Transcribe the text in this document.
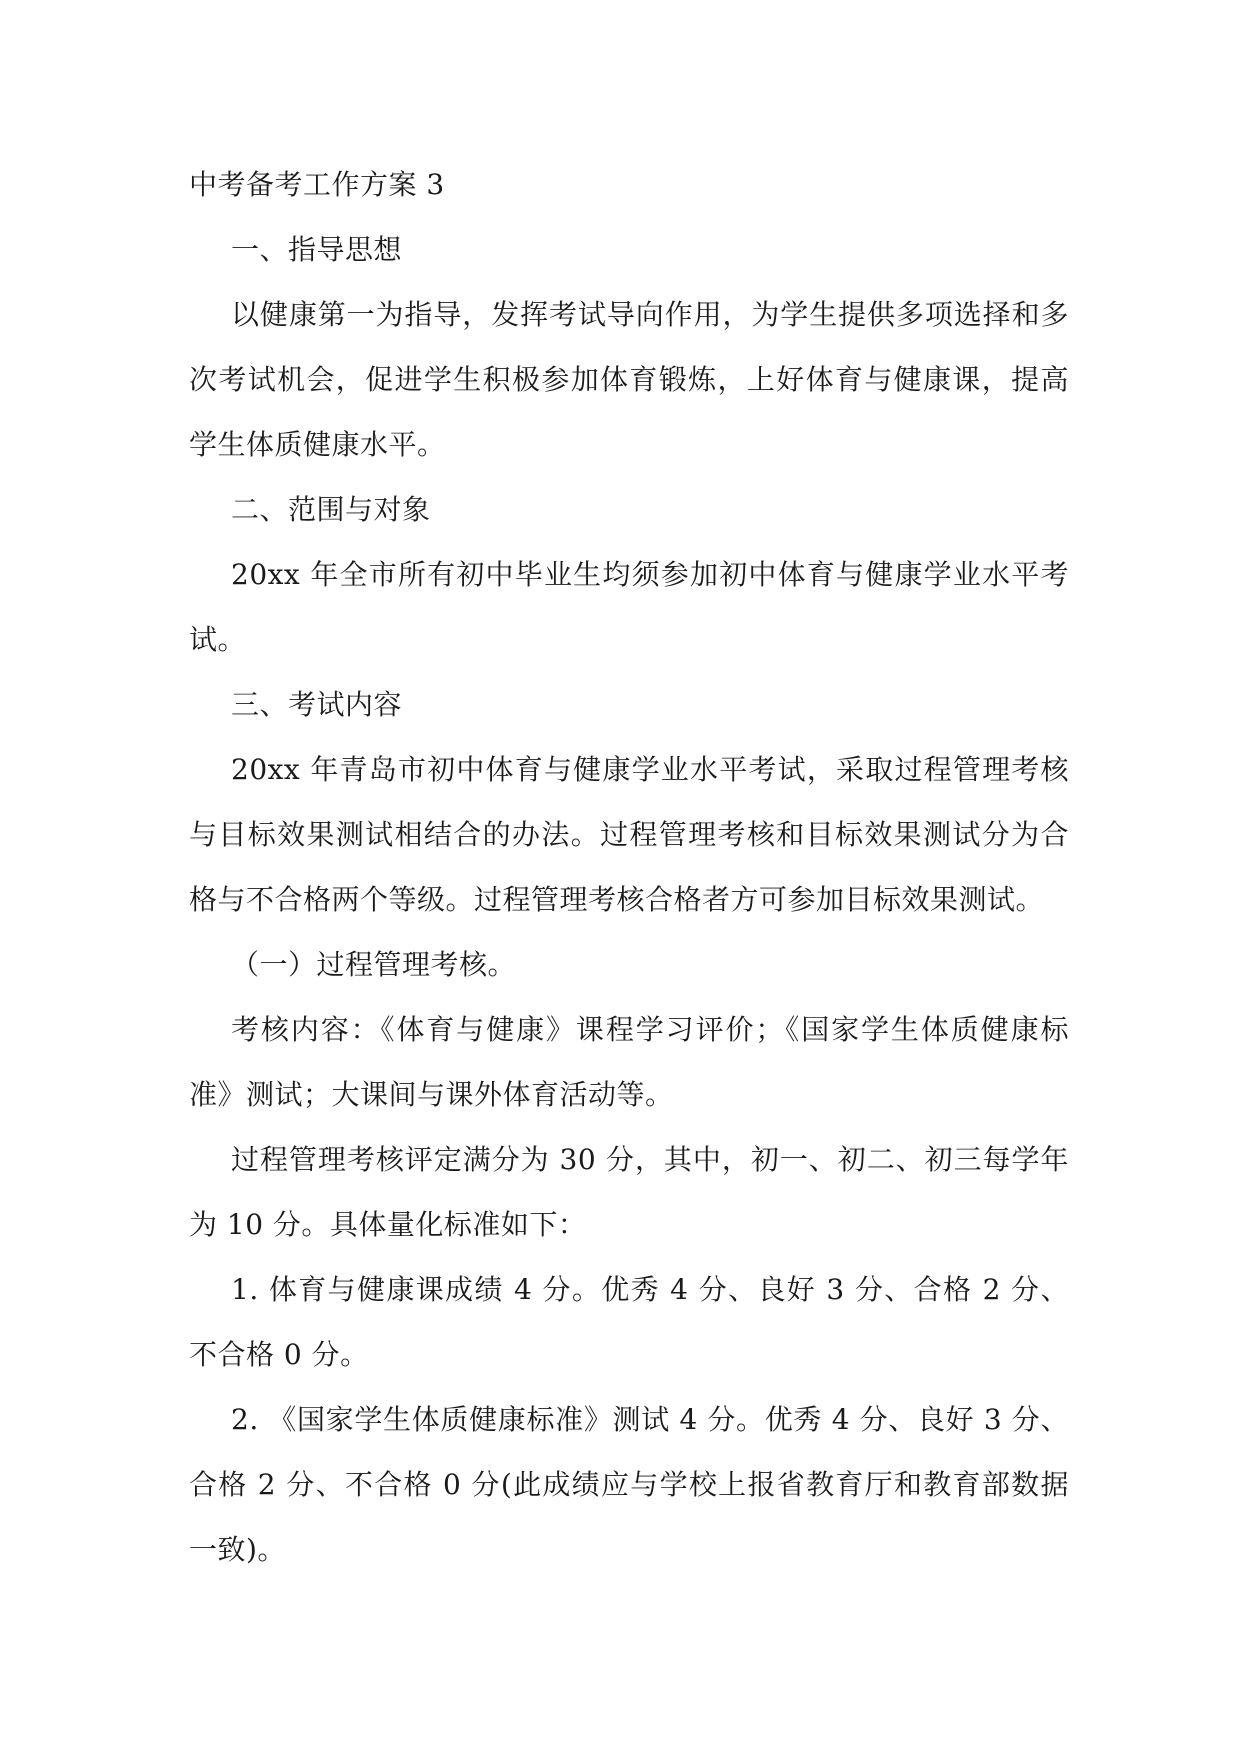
中考备考工作方案 3

一、指导思想

以健康第一为指导，发挥考试导向作用，为学生提供多项选择和多次考试机会，促进学生积极参加体育锻炼，上好体育与健康课，提高学生体质健康水平。

二、范围与对象

20xx 年全市所有初中毕业生均须参加初中体育与健康学业水平考试。

三、考试内容

20xx 年青岛市初中体育与健康学业水平考试，采取过程管理考核与目标效果测试相结合的办法。过程管理考核和目标效果测试分为合格与不合格两个等级。过程管理考核合格者方可参加目标效果测试。

（一）过程管理考核。

考核内容：《体育与健康》课程学习评价；《国家学生体质健康标准》测试；大课间与课外体育活动等。

过程管理考核评定满分为 30 分，其中，初一、初二、初三每学年为 10 分。具体量化标准如下：

1. 体育与健康课成绩 4 分。优秀 4 分、良好 3 分、合格 2 分、不合格 0 分。

2. 《国家学生体质健康标准》测试 4 分。优秀 4 分、良好 3 分、合格 2 分、不合格 0 分(此成绩应与学校上报省教育厅和教育部数据一致)。
